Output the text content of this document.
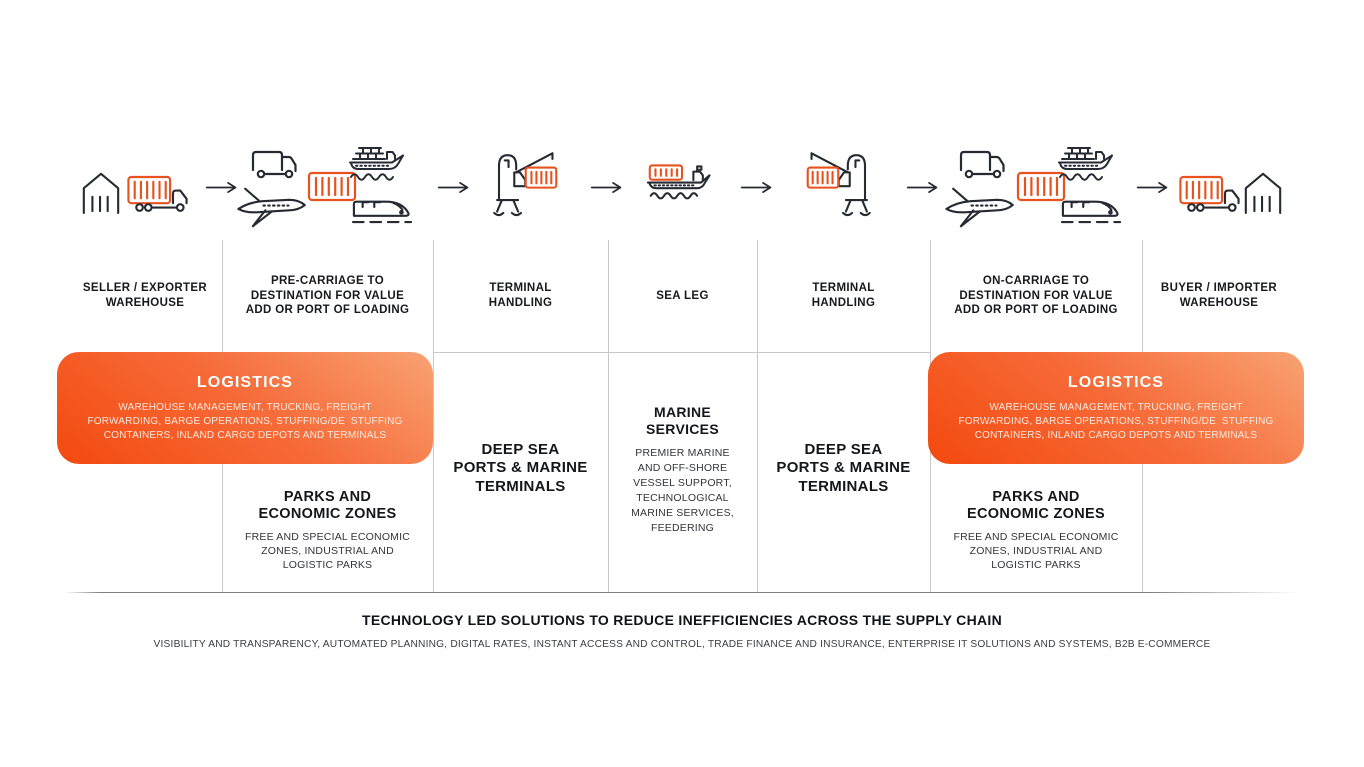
SELLER / EXPORTER
WAREHOUSE
PRE-CARRIAGE TO
DESTINATION FOR VALUE
ADD OR PORT OF LOADING
TERMINAL
HANDLING
SEA LEG
TERMINAL
HANDLING
ON-CARRIAGE TO
DESTINATION FOR VALUE
ADD OR PORT OF LOADING
BUYER / IMPORTER
WAREHOUSE
LOGISTICS
WAREHOUSE MANAGEMENT, TRUCKING, FREIGHT
FORWARDING, BARGE OPERATIONS, STUFFING/DE  STUFFING
CONTAINERS, INLAND CARGO DEPOTS AND TERMINALS
LOGISTICS
WAREHOUSE MANAGEMENT, TRUCKING, FREIGHT
FORWARDING, BARGE OPERATIONS, STUFFING/DE  STUFFING
CONTAINERS, INLAND CARGO DEPOTS AND TERMINALS
PARKS AND
ECONOMIC ZONES
FREE AND SPECIAL ECONOMIC
ZONES, INDUSTRIAL AND
LOGISTIC PARKS
PARKS AND
ECONOMIC ZONES
FREE AND SPECIAL ECONOMIC
ZONES, INDUSTRIAL AND
LOGISTIC PARKS
DEEP SEA
PORTS & MARINE
TERMINALS
DEEP SEA
PORTS & MARINE
TERMINALS
MARINE
SERVICES
PREMIER MARINE
AND OFF-SHORE
VESSEL SUPPORT,
TECHNOLOGICAL
MARINE SERVICES,
FEEDERING
TECHNOLOGY LED SOLUTIONS TO REDUCE INEFFICIENCIES ACROSS THE SUPPLY CHAIN
VISIBILITY AND TRANSPARENCY, AUTOMATED PLANNING, DIGITAL RATES, INSTANT ACCESS AND CONTROL, TRADE FINANCE AND INSURANCE, ENTERPRISE IT SOLUTIONS AND SYSTEMS, B2B E-COMMERCE
